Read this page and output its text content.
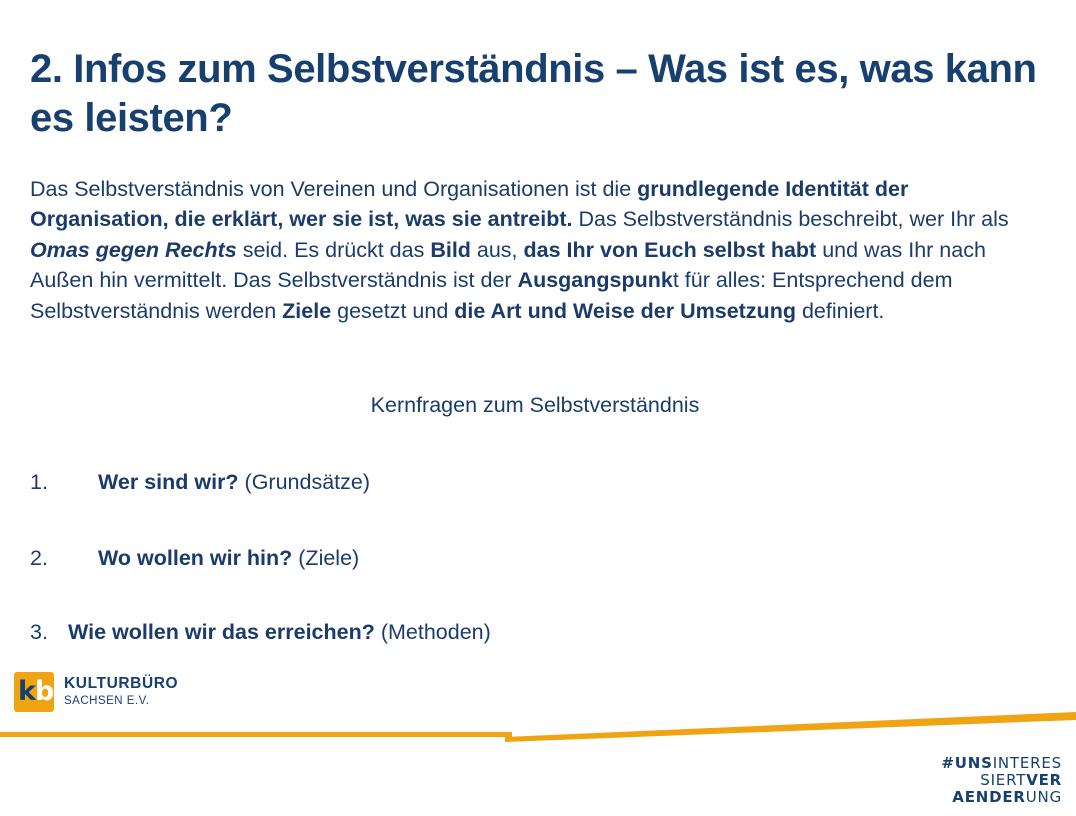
2. Infos zum Selbstverständnis – Was ist es, was kann es leisten?

Das Selbstverständnis von Vereinen und Organisationen ist die grundlegende Identität der Organisation, die erklärt, wer sie ist, was sie antreibt. Das Selbstverständnis beschreibt, wer Ihr als Omas gegen Rechts seid. Es drückt das Bild aus, das Ihr von Euch selbst habt und was Ihr nach Außen hin vermittelt. Das Selbstverständnis ist der Ausgangspunkt für alles: Entsprechend dem Selbstverständnis werden Ziele gesetzt und die Art und Weise der Umsetzung definiert.

Kernfragen zum Selbstverständnis
1.	Wer sind wir? (Grundsätze)
2.	Wo wollen wir hin? (Ziele)
3. Wie wollen wir das erreichen? (Methoden)
k b KULTURBÜRO
SACHSEN E.V.
#UNSINTERES
SIERTVER
AENDERUNG
